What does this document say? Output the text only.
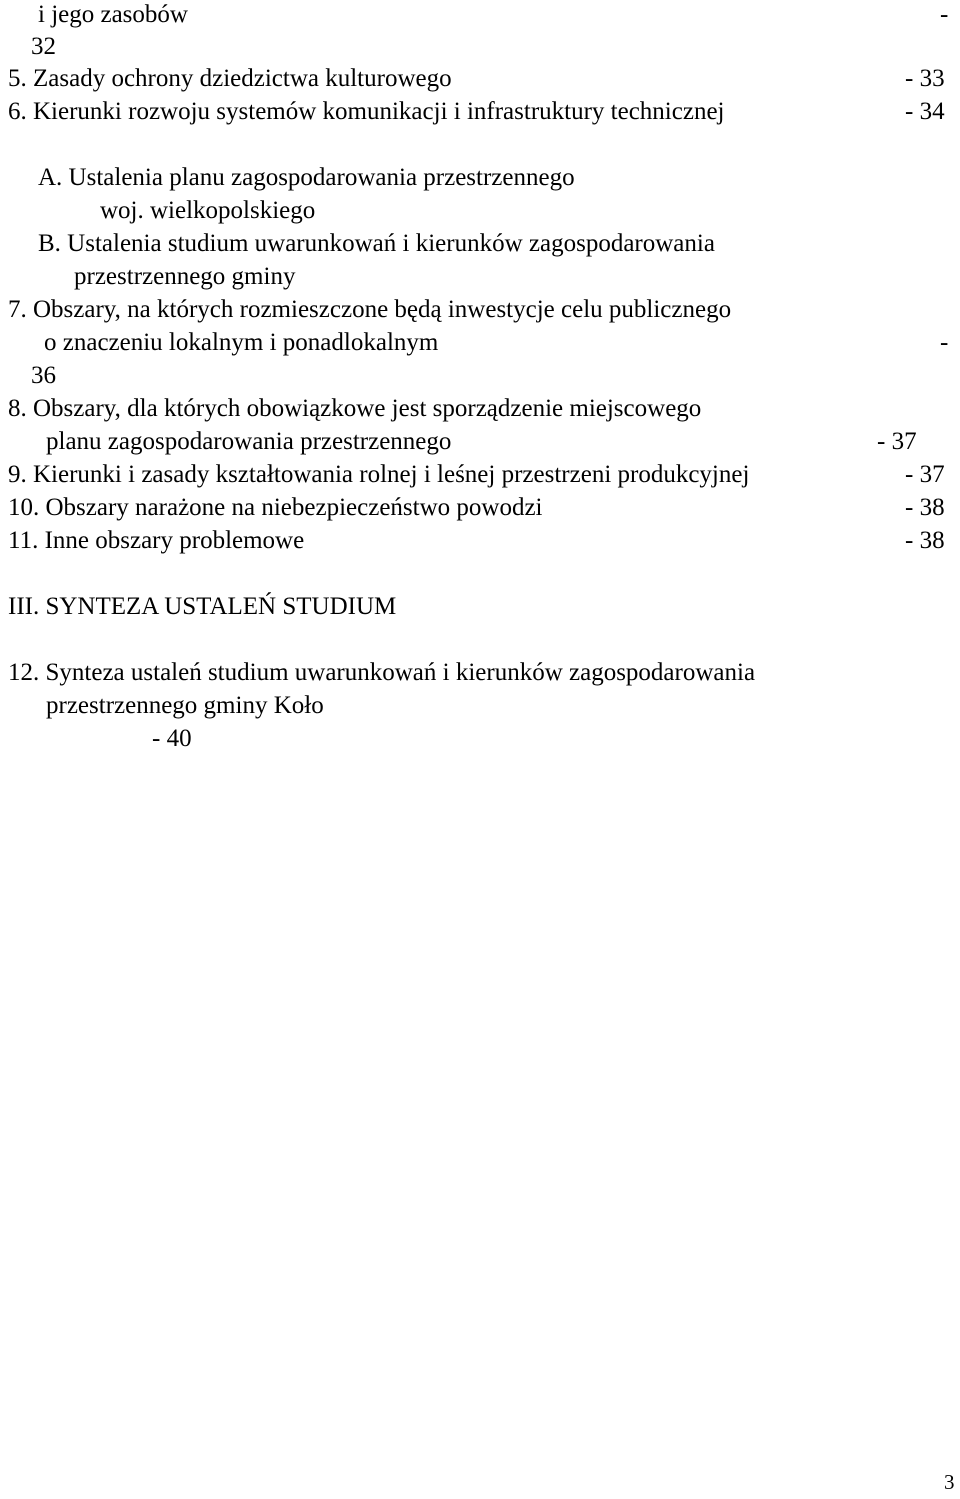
i jego zasobów	-
32
5. Zasady ochrony dziedzictwa kulturowego	- 33
6. Kierunki rozwoju systemów komunikacji i infrastruktury technicznej	- 34
A. Ustalenia planu zagospodarowania przestrzennego
woj. wielkopolskiego
B. Ustalenia studium uwarunkowań i kierunków zagospodarowania
przestrzennego gminy
7. Obszary, na których rozmieszczone będą inwestycje celu publicznego
o znaczeniu lokalnym i ponadlokalnym	-
36
8. Obszary, dla których obowiązkowe jest sporządzenie miejscowego
planu zagospodarowania przestrzennego	- 37
9. Kierunki i zasady kształtowania rolnej i leśnej przestrzeni produkcyjnej	- 37
10. Obszary narażone na niebezpieczeństwo powodzi	- 38
11. Inne obszary problemowe	- 38
III. SYNTEZA USTALEŃ STUDIUM
12. Synteza ustaleń studium uwarunkowań i kierunków zagospodarowania
przestrzennego gminy Koło
- 40
3
